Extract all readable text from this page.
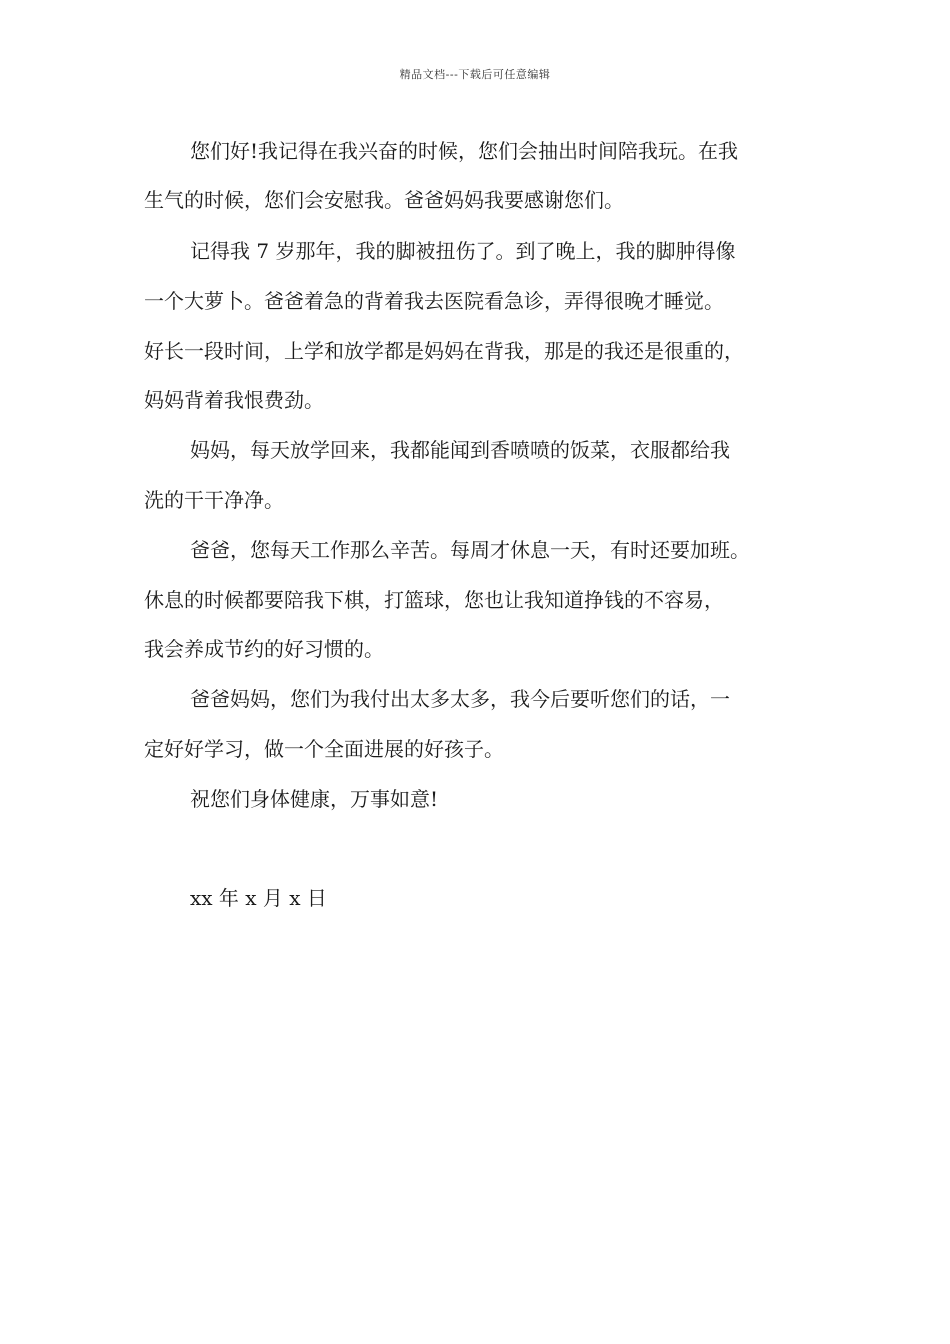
精品文档---下载后可任意编辑
您们好!我记得在我兴奋的时候，您们会抽出时间陪我玩。在我
生气的时候，您们会安慰我。爸爸妈妈我要感谢您们。
记得我 7 岁那年，我的脚被扭伤了。到了晚上，我的脚肿得像
一个大萝卜。爸爸着急的背着我去医院看急诊，弄得很晚才睡觉。
好长一段时间，上学和放学都是妈妈在背我，那是的我还是很重的，
妈妈背着我恨费劲。
妈妈，每天放学回来，我都能闻到香喷喷的饭菜，衣服都给我
洗的干干净净。
爸爸，您每天工作那么辛苦。每周才休息一天，有时还要加班。
休息的时候都要陪我下棋，打篮球，您也让我知道挣钱的不容易，
我会养成节约的好习惯的。
爸爸妈妈，您们为我付出太多太多，我今后要听您们的话，一
定好好学习，做一个全面进展的好孩子。
祝您们身体健康，万事如意!
xx 年 x 月 x 日
